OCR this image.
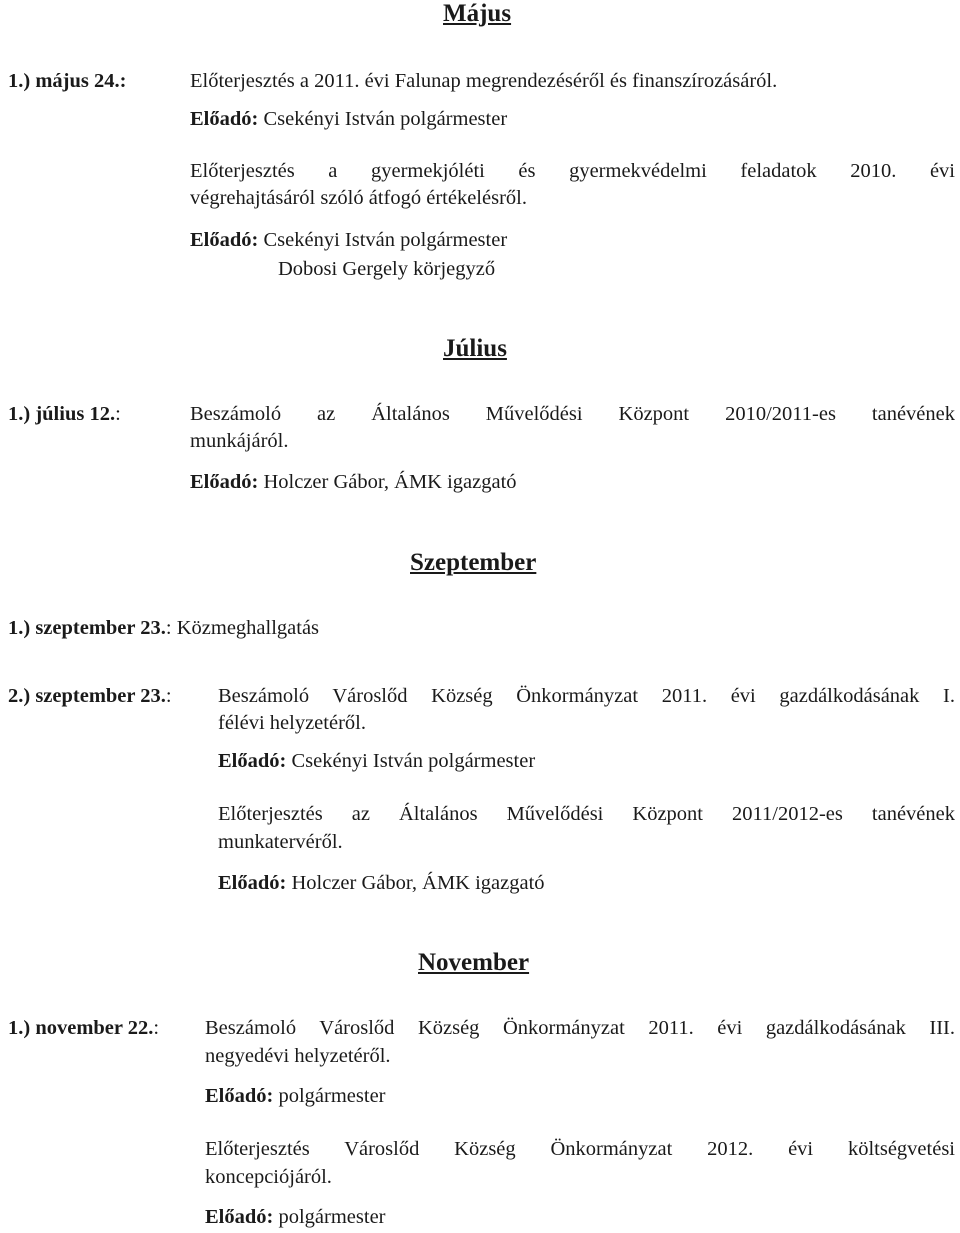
Május
1.) május 24.:	Előterjesztés a 2011. évi Falunap megrendezéséről és finanszírozásáról.
Előadó: Csekényi István polgármester
Előterjesztés a gyermekjóléti és gyermekvédelmi feladatok 2010. évi
végrehajtásáról szóló átfogó értékelésről.
Előadó: Csekényi István polgármester
Dobosi Gergely körjegyző
Július
1.) július 12.:	Beszámoló az Általános Művelődési Központ 2010/2011-es tanévének
munkájáról.
Előadó: Holczer Gábor, ÁMK igazgató
Szeptember
1.) szeptember 23.: Közmeghallgatás
2.) szeptember 23.: Beszámoló Városlőd Község Önkormányzat 2011. évi gazdálkodásának I.
félévi helyzetéről.
Előadó: Csekényi István polgármester
Előterjesztés az Általános Művelődési Központ 2011/2012-es tanévének
munkatervéről.
Előadó: Holczer Gábor, ÁMK igazgató
November
1.) november 22.: Beszámoló Városlőd Község Önkormányzat 2011. évi gazdálkodásának III.
negyedévi helyzetéről.
Előadó: polgármester
Előterjesztés Városlőd Község Önkormányzat 2012. évi költségvetési
koncepciójáról.
Előadó: polgármester
